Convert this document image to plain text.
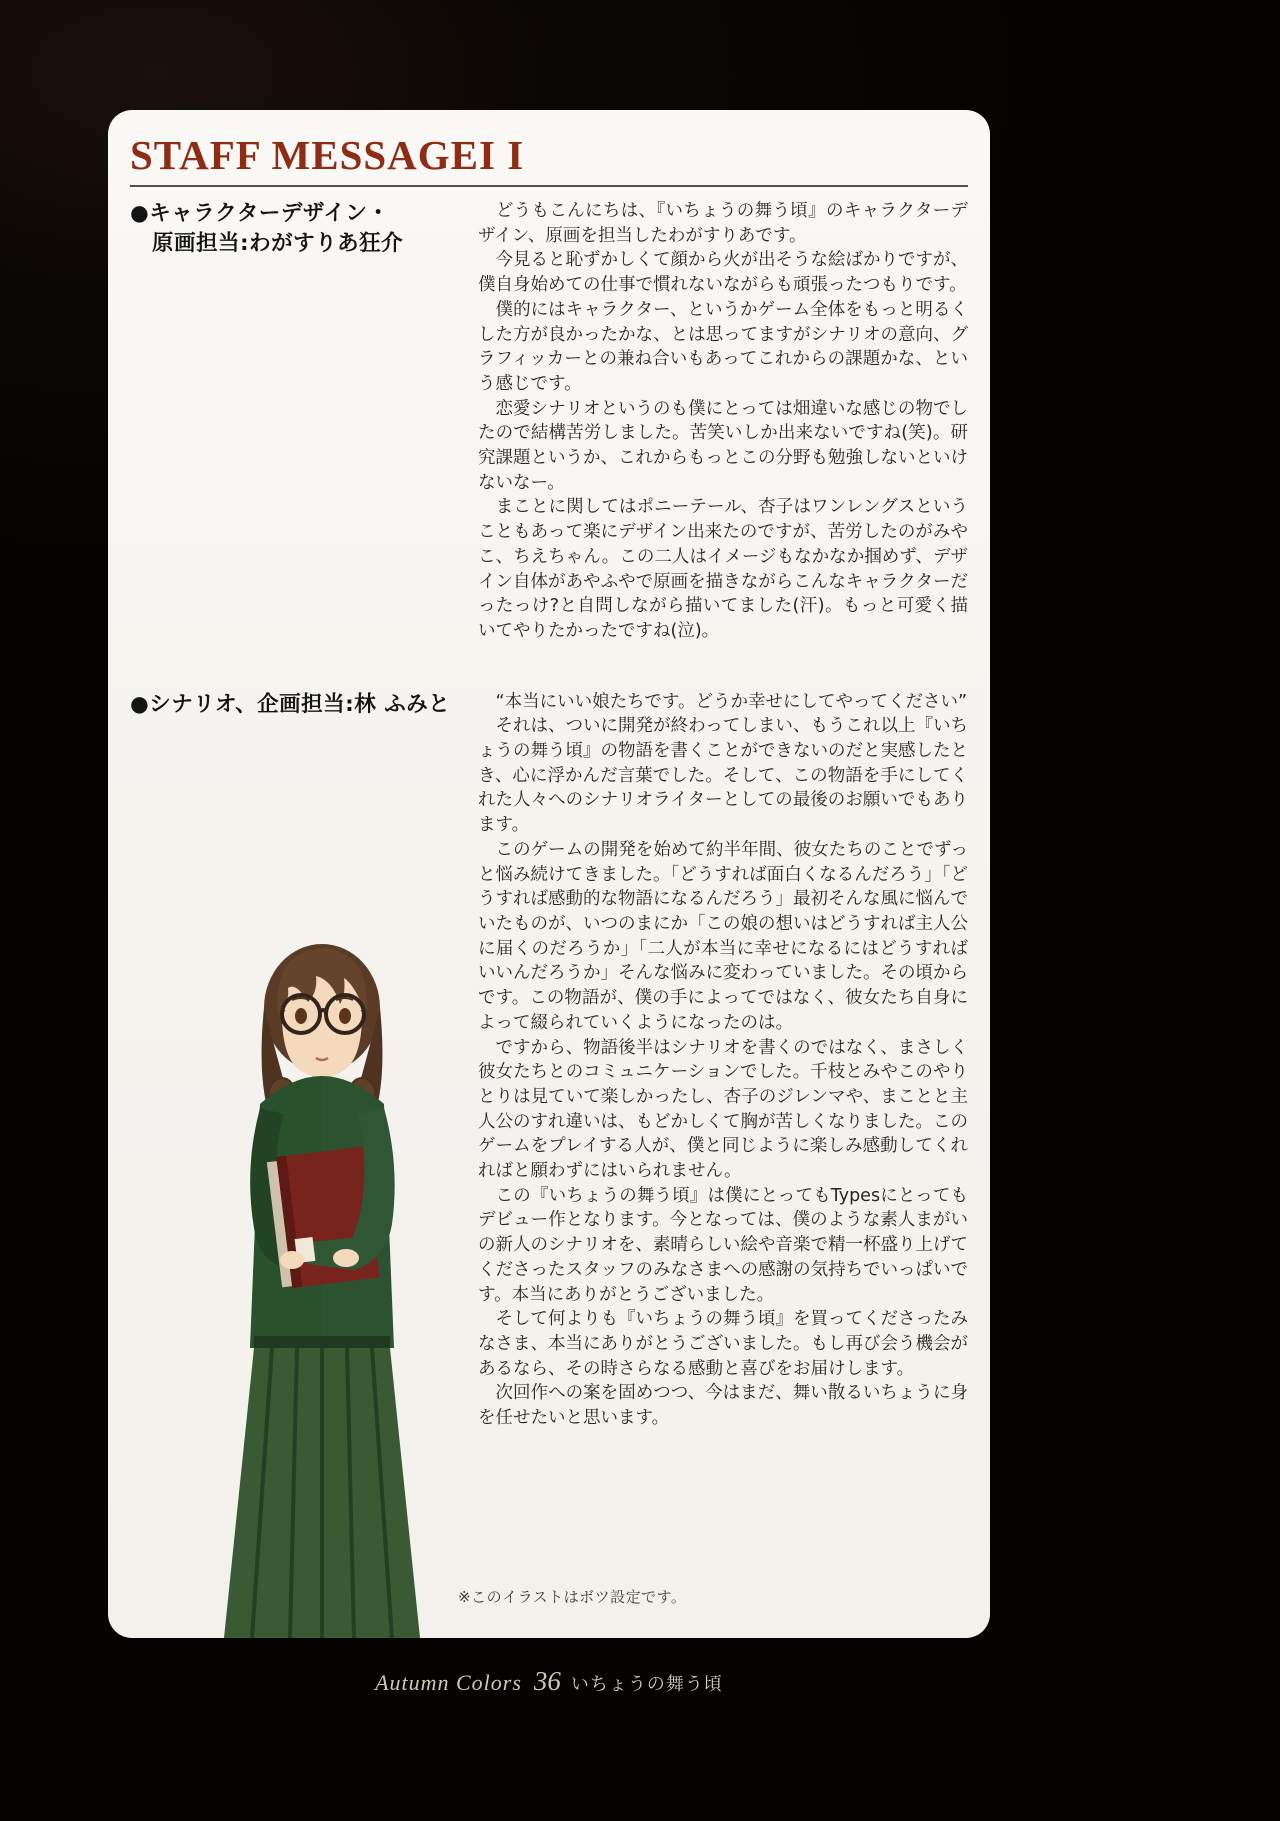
STAFF MESSAGEI I
●キャラクターデザイン・
　原画担当:わがすりあ狂介

　どうもこんにちは、『いちょうの舞う頃』のキャラクターデザイン、原画を担当したわがすりあです。

　今見ると恥ずかしくて顔から火が出そうな絵ばかりですが、僕自身始めての仕事で慣れないながらも頑張ったつもりです。

　僕的にはキャラクター、というかゲーム全体をもっと明るくした方が良かったかな、とは思ってますがシナリオの意向、グラフィッカーとの兼ね合いもあってこれからの課題かな、という感じです。

　恋愛シナリオというのも僕にとっては畑違いな感じの物でしたので結構苦労しました。苦笑いしか出来ないですね(笑)。研究課題というか、これからもっとこの分野も勉強しないといけないなー。

　まことに関してはポニーテール、杏子はワンレングスということもあって楽にデザイン出来たのですが、苦労したのがみやこ、ちえちゃん。この二人はイメージもなかなか掴めず、デザイン自体があやふやで原画を描きながらこんなキャラクターだったっけ?と自問しながら描いてました(汗)。もっと可愛く描いてやりたかったですね(泣)。

●シナリオ、企画担当:林 ふみと	　“本当にいい娘たちです。どうか幸せにしてやってください”

　それは、ついに開発が終わってしまい、もうこれ以上『いちょうの舞う頃』の物語を書くことができないのだと実感したとき、心に浮かんだ言葉でした。そして、この物語を手にしてくれた人々へのシナリオライターとしての最後のお願いでもあります。

　このゲームの開発を始めて約半年間、彼女たちのことでずっと悩み続けてきました。「どうすれば面白くなるんだろう」「どうすれば感動的な物語になるんだろう」最初そんな風に悩んでいたものが、いつのまにか「この娘の想いはどうすれば主人公に届くのだろうか」「二人が本当に幸せになるにはどうすればいいんだろうか」そんな悩みに変わっていました。その頃からです。この物語が、僕の手によってではなく、彼女たち自身によって綴られていくようになったのは。

　ですから、物語後半はシナリオを書くのではなく、まさしく彼女たちとのコミュニケーションでした。千枝とみやこのやりとりは見ていて楽しかったし、杏子のジレンマや、まことと主人公のすれ違いは、もどかしくて胸が苦しくなりました。このゲームをプレイする人が、僕と同じように楽しみ感動してくれればと願わずにはいられません。

　この『いちょうの舞う頃』は僕にとってもTypesにとってもデビュー作となります。今となっては、僕のような素人まがいの新人のシナリオを、素晴らしい絵や音楽で精一杯盛り上げてくださったスタッフのみなさまへの感謝の気持ちでいっぱいです。本当にありがとうございました。

　そして何よりも『いちょうの舞う頃』を買ってくださったみなさま、本当にありがとうございました。もし再び会う機会があるなら、その時さらなる感動と喜びをお届けします。

　次回作への案を固めつつ、今はまだ、舞い散るいちょうに身を任せたいと思います。

※このイラストはボツ設定です。
Autumn Colors 36 いちょうの舞う頃
